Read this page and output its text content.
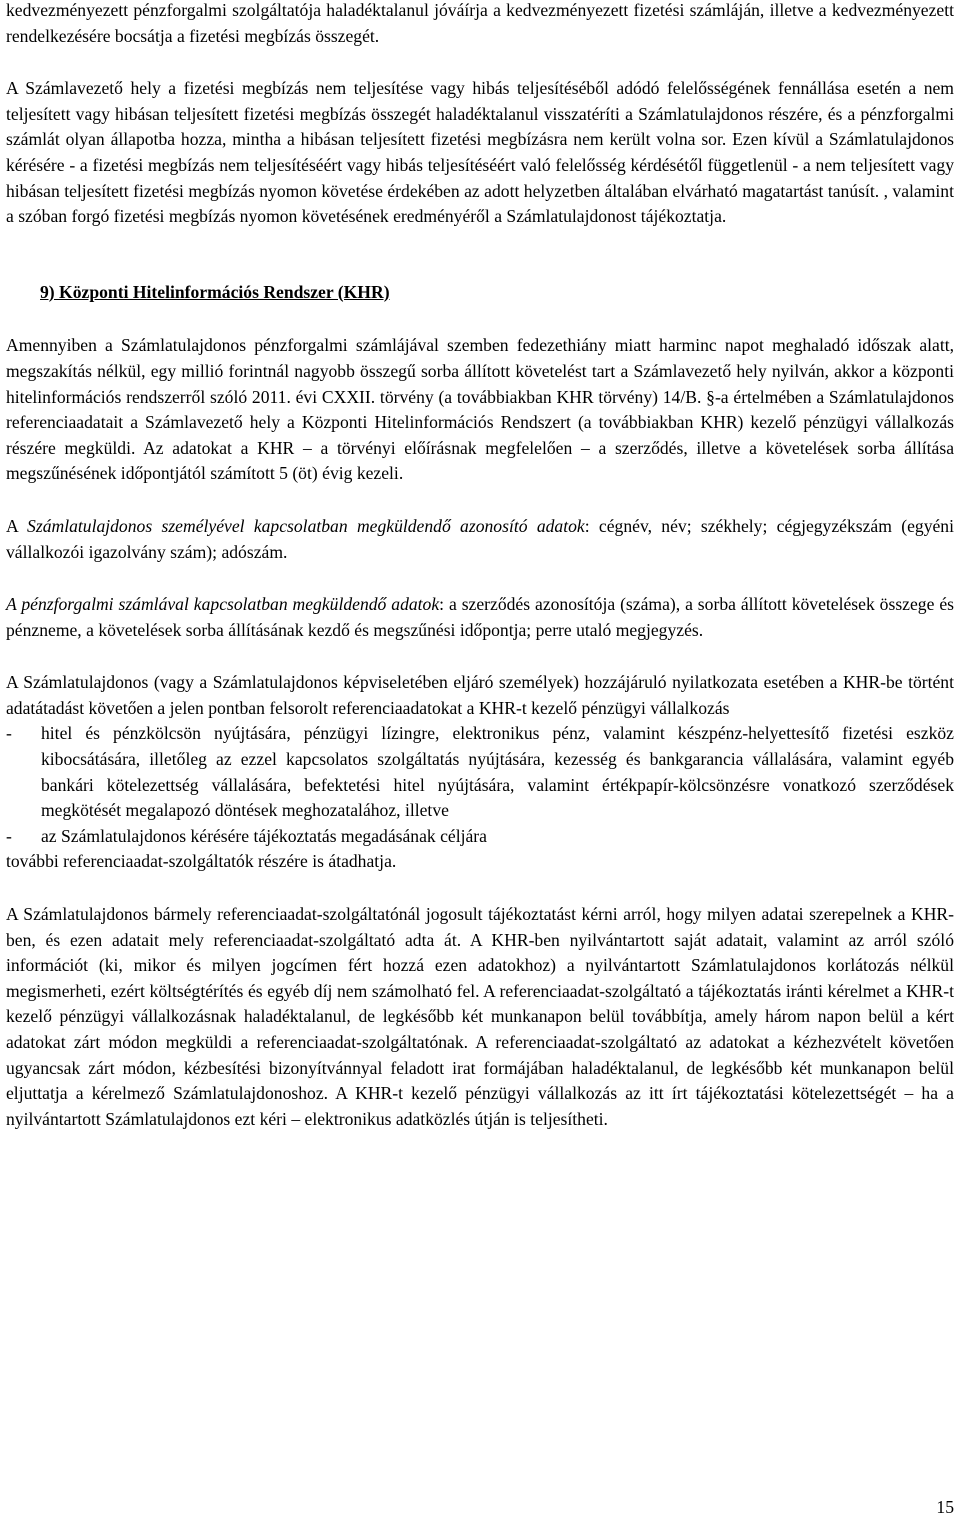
kedvezményezett pénzforgalmi szolgáltatója haladéktalanul jóváírja a kedvezményezett fizetési számláján, illetve a kedvezményezett rendelkezésére bocsátja a fizetési megbízás összegét.

A Számlavezető hely a fizetési megbízás nem teljesítése vagy hibás teljesítéséből adódó felelősségének fennállása esetén a nem teljesített vagy hibásan teljesített fizetési megbízás összegét haladéktalanul visszatéríti a Számlatulajdonos részére, és a pénzforgalmi számlát olyan állapotba hozza, mintha a hibásan teljesített fizetési megbízásra nem került volna sor. Ezen kívül a Számlatulajdonos kérésére - a fizetési megbízás nem teljesítéséért vagy hibás teljesítéséért való felelősség kérdésétől függetlenül - a nem teljesített vagy hibásan teljesített fizetési megbízás nyomon követése érdekében az adott helyzetben általában elvárható magatartást tanúsít. , valamint a szóban forgó fizetési megbízás nyomon követésének eredményéről a Számlatulajdonost tájékoztatja.

9) Központi Hitelinformációs Rendszer (KHR)

Amennyiben a Számlatulajdonos pénzforgalmi számlájával szemben fedezethiány miatt harminc napot meghaladó időszak alatt, megszakítás nélkül, egy millió forintnál nagyobb összegű sorba állított követelést tart a Számlavezető hely nyilván, akkor a központi hitelinformációs rendszerről szóló 2011. évi CXXII. törvény (a továbbiakban KHR törvény) 14/B. §-a értelmében a Számlatulajdonos referenciaadatait a Számlavezető hely a Központi Hitelinformációs Rendszert (a továbbiakban KHR) kezelő pénzügyi vállalkozás részére megküldi. Az adatokat a KHR – a törvényi előírásnak megfelelően – a szerződés, illetve a követelések sorba állítása megszűnésének időpontjától számított 5 (öt) évig kezeli.

A Számlatulajdonos személyével kapcsolatban megküldendő azonosító adatok: cégnév, név; székhely; cégjegyzékszám (egyéni vállalkozói igazolvány szám); adószám.

A pénzforgalmi számlával kapcsolatban megküldendő adatok: a szerződés azonosítója (száma), a sorba állított követelések összege és pénzneme, a követelések sorba állításának kezdő és megszűnési időpontja; perre utaló megjegyzés.

A Számlatulajdonos (vagy a Számlatulajdonos képviseletében eljáró személyek) hozzájáruló nyilatkozata esetében a KHR-be történt adatátadást követően a jelen pontban felsorolt referenciaadatokat a KHR-t kezelő pénzügyi vállalkozás

- hitel és pénzkölcsön nyújtására, pénzügyi lízingre, elektronikus pénz, valamint készpénz-helyettesítő fizetési eszköz kibocsátására, illetőleg az ezzel kapcsolatos szolgáltatás nyújtására, kezesség és bankgarancia vállalására, valamint egyéb bankári kötelezettség vállalására, befektetési hitel nyújtására, valamint értékpapír-kölcsönzésre vonatkozó szerződések megkötését megalapozó döntések meghozatalához, illetve
- az Számlatulajdonos kérésére tájékoztatás megadásának céljára

további referenciaadat-szolgáltatók részére is átadhatja.

A Számlatulajdonos bármely referenciaadat-szolgáltatónál jogosult tájékoztatást kérni arról, hogy milyen adatai szerepelnek a KHR-ben, és ezen adatait mely referenciaadat-szolgáltató adta át. A KHR-ben nyilvántartott saját adatait, valamint az arról szóló információt (ki, mikor és milyen jogcímen fért hozzá ezen adatokhoz) a nyilvántartott Számlatulajdonos korlátozás nélkül megismerheti, ezért költségtérítés és egyéb díj nem számolható fel. A referenciaadat-szolgáltató a tájékoztatás iránti kérelmet a KHR-t kezelő pénzügyi vállalkozásnak haladéktalanul, de legkésőbb két munkanapon belül továbbítja, amely három napon belül a kért adatokat zárt módon megküldi a referenciaadat-szolgáltatónak. A referenciaadat-szolgáltató az adatokat a kézhezvételt követően ugyancsak zárt módon, kézbesítési bizonyítvánnyal feladott irat formájában haladéktalanul, de legkésőbb két munkanapon belül eljuttatja a kérelmező Számlatulajdonoshoz. A KHR-t kezelő pénzügyi vállalkozás az itt írt tájékoztatási kötelezettségét – ha a nyilvántartott Számlatulajdonos ezt kéri – elektronikus adatközlés útján is teljesítheti.

15
